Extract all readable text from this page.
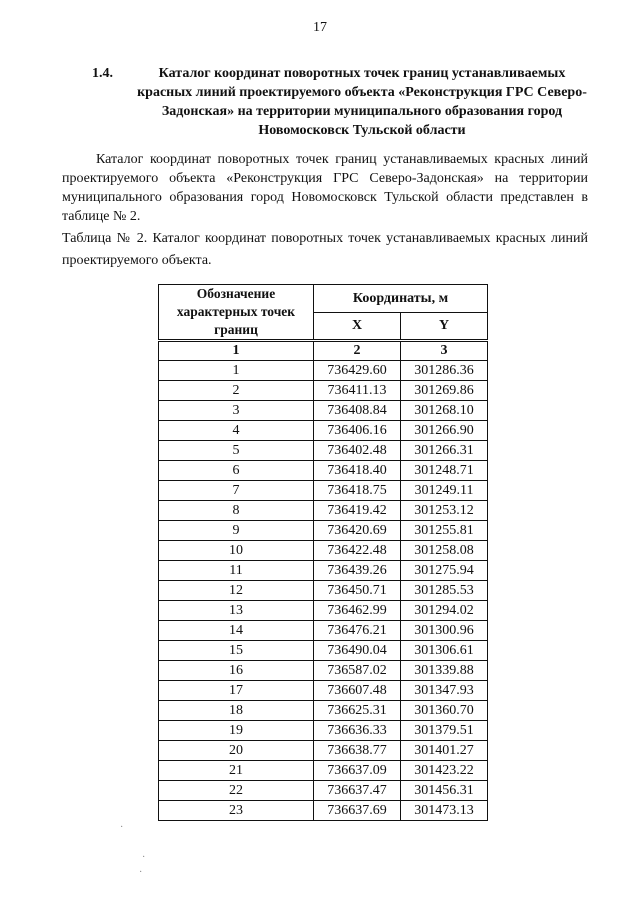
17
1.4.	Каталог координат поворотных точек границ устанавливаемых красных линий проектируемого объекта «Реконструкция ГРС Северо-Задонская» на территории муниципального образования город Новомосковск Тульской области

Каталог координат поворотных точек границ устанавливаемых красных линий проектируемого объекта «Реконструкция ГРС Северо-Задонская» на территории муниципального образования город Новомосковск Тульской области представлен в таблице № 2.

Таблица № 2. Каталог координат поворотных точек устанавливаемых красных линий проектируемого объекта.

Обозначение характерных точек границ	Координаты, м	
	X	Y
1	2	3
1	736429.60	301286.36
2	736411.13	301269.86
3	736408.84	301268.10
4	736406.16	301266.90
5	736402.48	301266.31
6	736418.40	301248.71
7	736418.75	301249.11
8	736419.42	301253.12
9	736420.69	301255.81
10	736422.48	301258.08
11	736439.26	301275.94
12	736450.71	301285.53
13	736462.99	301294.02
14	736476.21	301300.96
15	736490.04	301306.61
16	736587.02	301339.88
17	736607.48	301347.93
18	736625.31	301360.70
19	736636.33	301379.51
20	736638.77	301401.27
21	736637.09	301423.22
22	736637.47	301456.31
23	736637.69	301473.13
·
·
·
